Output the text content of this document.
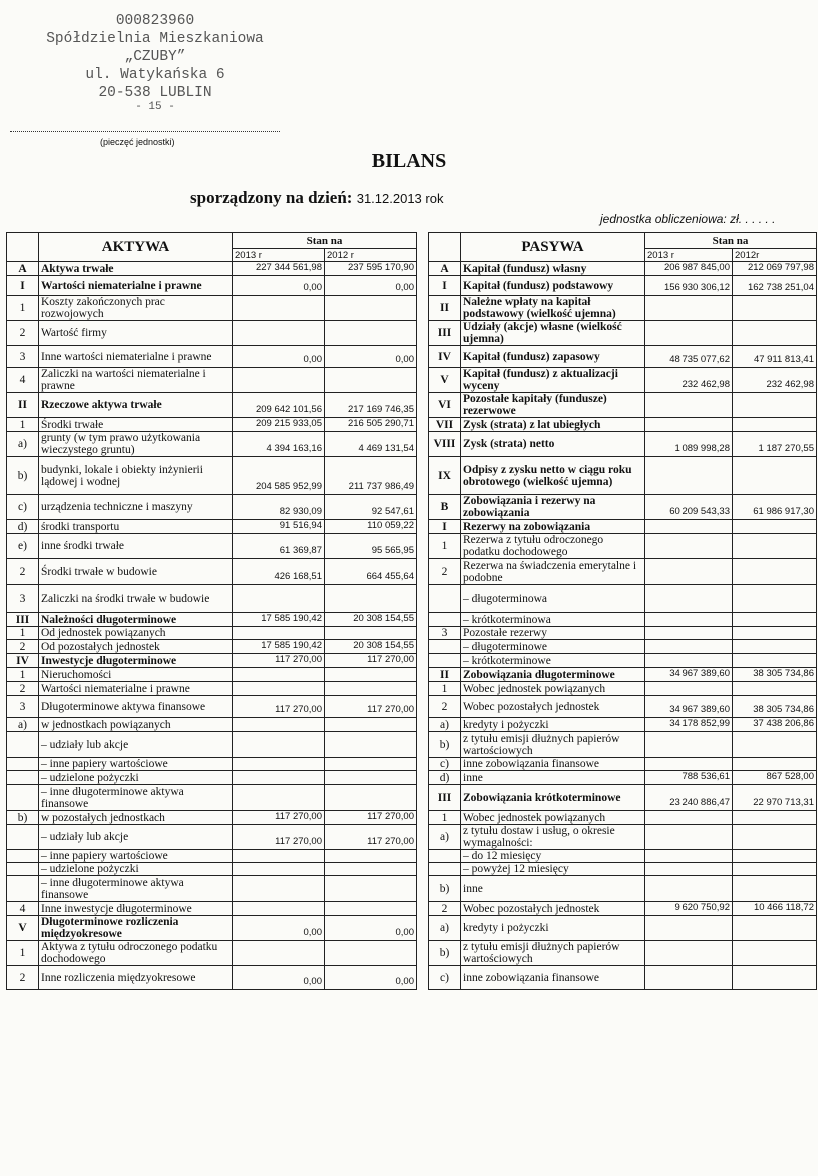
000823960
Spółdzielnia Mieszkaniowa
„CZUBY”
ul. Watykańska 6
20-538 LUBLIN
- 15 -
(pieczęć jednostki)
BILANS
sporządzony na dzień: 31.12.2013 rok
jednostka obliczeniowa: zł. . . . . .
	AKTYWA	Stan na				PASYWA	Stan na	
		2013 r	2012 r				2013 r	2012r
A	Aktywa trwałe	227 344 561,98	237 595 170,90		A	Kapitał (fundusz) własny	206 987 845,00	212 069 797,98
I	Wartości niematerialne i prawne	0,00	0,00		I	Kapitał (fundusz) podstawowy	156 930 306,12	162 738 251,04
1	Koszty zakończonych prac rozwojowych				II	Należne wpłaty na kapitał podstawowy (wielkość ujemna)		
2	Wartość firmy				III	Udziały (akcje) własne (wielkość ujemna)		
3	Inne wartości niematerialne i prawne	0,00	0,00		IV	Kapitał (fundusz) zapasowy	48 735 077,62	47 911 813,41
4	Zaliczki na wartości niematerialne i prawne				V	Kapitał (fundusz) z aktualizacji wyceny	232 462,98	232 462,98
II	Rzeczowe aktywa trwałe	209 642 101,56	217 169 746,35		VI	Pozostałe kapitały (fundusze) rezerwowe		
1	Środki trwałe	209 215 933,05	216 505 290,71		VII	Zysk (strata) z lat ubiegłych		
a)	grunty (w tym prawo użytkowania wieczystego gruntu)	4 394 163,16	4 469 131,54		VIII	Zysk (strata) netto	1 089 998,28	1 187 270,55
b)	budynki, lokale i obiekty inżynierii lądowej i wodnej	204 585 952,99	211 737 986,49		IX	Odpisy z zysku netto w ciągu roku obrotowego (wielkość ujemna)		
c)	urządzenia techniczne i maszyny	82 930,09	92 547,61		B	Zobowiązania i rezerwy na zobowiązania	60 209 543,33	61 986 917,30
d)	środki transportu	91 516,94	110 059,22		I	Rezerwy na zobowiązania		
e)	inne środki trwałe	61 369,87	95 565,95		1	Rezerwa z tytułu odroczonego podatku dochodowego		
2	Środki trwałe w budowie	426 168,51	664 455,64		2	Rezerwa na świadczenia emerytalne i podobne		
3	Zaliczki na środki trwałe w budowie					– długoterminowa		
III	Należności długoterminowe	17 585 190,42	20 308 154,55			– krótkoterminowa		
1	Od jednostek powiązanych				3	Pozostałe rezerwy		
2	Od pozostałych jednostek	17 585 190,42	20 308 154,55			– długoterminowe		
IV	Inwestycje długoterminowe	117 270,00	117 270,00			– krótkoterminowe		
1	Nieruchomości				II	Zobowiązania długoterminowe	34 967 389,60	38 305 734,86
2	Wartości niematerialne i prawne				1	Wobec jednostek powiązanych		
3	Długoterminowe aktywa finansowe	117 270,00	117 270,00		2	Wobec pozostałych jednostek	34 967 389,60	38 305 734,86
a)	w jednostkach powiązanych				a)	kredyty i pożyczki	34 178 852,99	37 438 206,86
	– udziały lub akcje				b)	z tytułu emisji dłużnych papierów wartościowych		
	– inne papiery wartościowe				c)	inne zobowiązania finansowe		
	– udzielone pożyczki				d)	inne	788 536,61	867 528,00
	– inne długoterminowe aktywa finansowe				III	Zobowiązania krótkoterminowe	23 240 886,47	22 970 713,31
b)	w pozostałych jednostkach	117 270,00	117 270,00		1	Wobec jednostek powiązanych		
	– udziały lub akcje	117 270,00	117 270,00		a)	z tytułu dostaw i usług, o okresie wymagalności:		
	– inne papiery wartościowe					– do 12 miesięcy		
	– udzielone pożyczki					– powyżej 12 miesięcy		
	– inne długoterminowe aktywa finansowe				b)	inne		
4	Inne inwestycje długoterminowe				2	Wobec pozostałych jednostek	9 620 750,92	10 466 118,72
V	Długoterminowe rozliczenia międzyokresowe	0,00	0,00		a)	kredyty i pożyczki		
1	Aktywa z tytułu odroczonego podatku dochodowego				b)	z tytułu emisji dłużnych papierów wartościowych		
2	Inne rozliczenia międzyokresowe	0,00	0,00		c)	inne zobowiązania finansowe		
